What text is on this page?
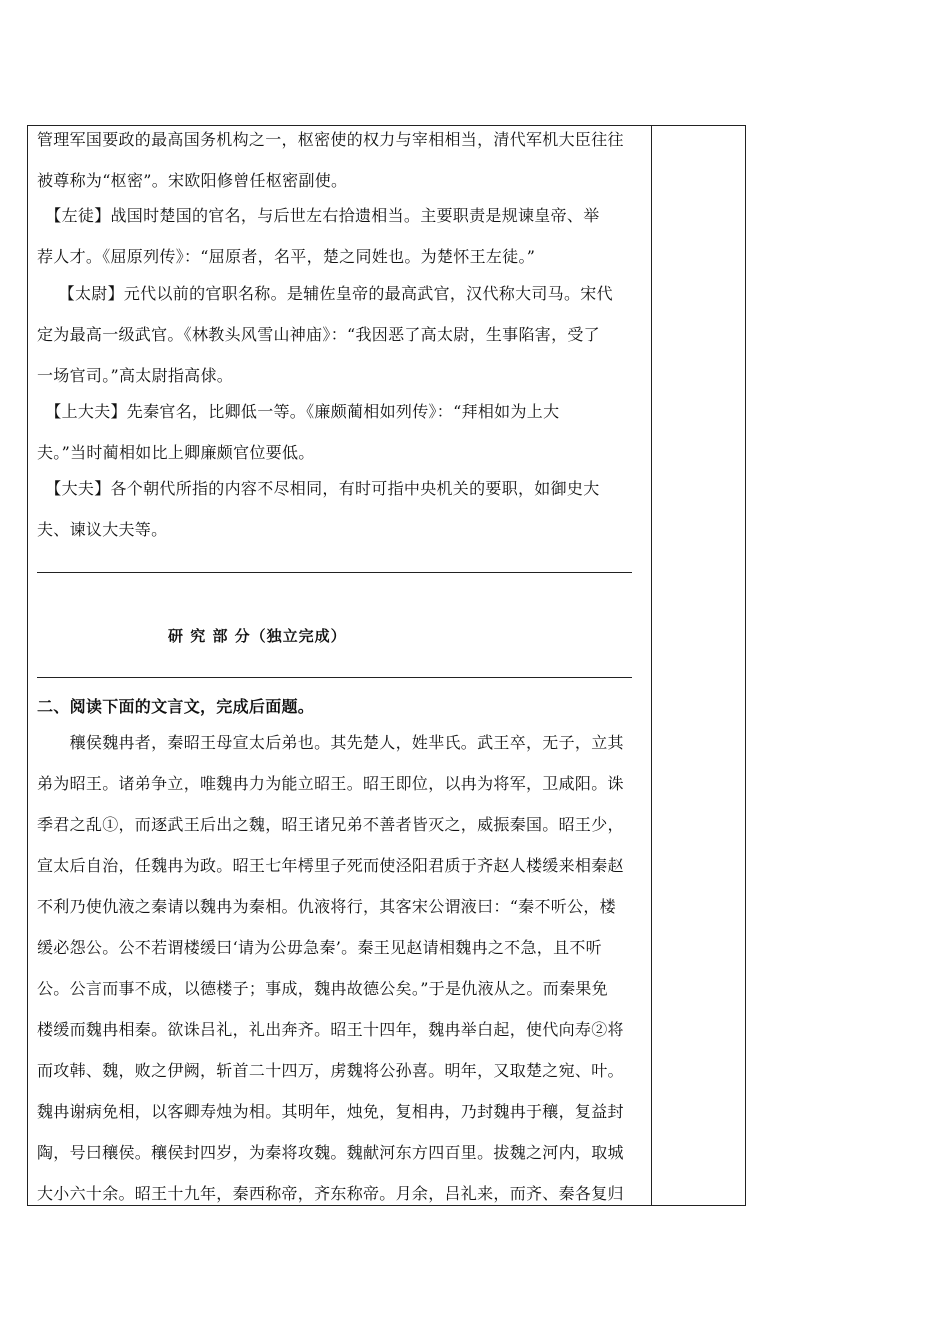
管理军国要政的最高国务机构之一，枢密使的权力与宰相相当，清代军机大臣往往
被尊称为“枢密”。宋欧阳修曾任枢密副使。
　【左徒】战国时楚国的官名，与后世左右拾遗相当。主要职责是规谏皇帝、举
荐人才。《屈原列传》：“屈原者，名平，楚之同姓也。为楚怀王左徒。”
　 【太尉】元代以前的官职名称。是辅佐皇帝的最高武官，汉代称大司马。宋代
定为最高一级武官。《林教头风雪山神庙》：“我因恶了高太尉，生事陷害，受了
一场官司。”高太尉指高俅。
　【上大夫】先秦官名，比卿低一等。《廉颇蔺相如列传》：“拜相如为上大
夫。”当时蔺相如比上卿廉颇官位要低。
　【大夫】各个朝代所指的内容不尽相同，有时可指中央机关的要职，如御史大
夫、谏议大夫等。
研 究 部 分（独立完成）
二、阅读下面的文言文，完成后面题。
　　穰侯魏冉者，秦昭王母宣太后弟也。其先楚人，姓芈氏。武王卒，无子，立其
弟为昭王。诸弟争立，唯魏冉力为能立昭王。昭王即位，以冉为将军，卫咸阳。诛
季君之乱①，而逐武王后出之魏，昭王诸兄弟不善者皆灭之，威振秦国。昭王少，
宣太后自治，任魏冉为政。昭王七年樗里子死而使泾阳君质于齐赵人楼缓来相秦赵
不利乃使仇液之秦请以魏冉为秦相。仇液将行，其客宋公谓液曰：“秦不听公，楼
缓必怨公。公不若谓楼缓曰‘请为公毋急秦’。秦王见赵请相魏冉之不急，且不听
公。公言而事不成，以德楼子；事成，魏冉故德公矣。”于是仇液从之。而秦果免
楼缓而魏冉相秦。欲诛吕礼，礼出奔齐。昭王十四年，魏冉举白起，使代向寿②将
而攻韩、魏，败之伊阙，斩首二十四万，虏魏将公孙喜。明年，又取楚之宛、叶。
魏冉谢病免相，以客卿寿烛为相。其明年，烛免，复相冉，乃封魏冉于穰，复益封
陶，号曰穰侯。穰侯封四岁，为秦将攻魏。魏献河东方四百里。拔魏之河内，取城
大小六十余。昭王十九年，秦西称帝，齐东称帝。月余，吕礼来，而齐、秦各复归
